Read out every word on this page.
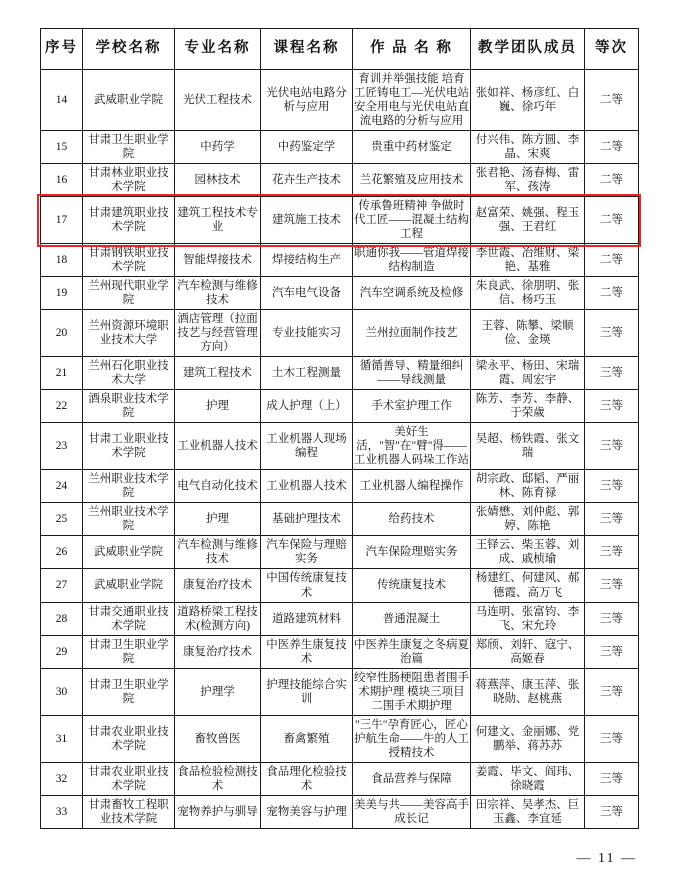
序号	学校名称	专业名称	课程名称	作 品 名 称	教学团队成员	等次
14	武威职业学院	光伏工程技术	光伏电站电路分析与应用	育训并举强技能 培育工匠铸电工—光伏电站安全用电与光伏电站直流电路的分析与应用	张如祥、杨彦红、白巍、徐巧年	二等
15	甘肃卫生职业学院	中药学	中药鉴定学	贵重中药材鉴定	付兴伟、陈方圆、李晶、宋爽	二等
16	甘肃林业职业技术学院	园林技术	花卉生产技术	兰花繁殖及应用技术	张君艳、汤春梅、雷军、孩涛	二等
17	甘肃建筑职业技术学院	建筑工程技术专业	建筑施工技术	传承鲁班精神 争做时代工匠——混凝土结构工程	赵富荣、姚强、程玉强、王君红	二等
18	甘肃钢铁职业技术学院	智能焊接技术	焊接结构生产	职通你我——管道焊接结构制造	李世霞、冶维财、梁艳、基雅	二等
19	兰州现代职业学院	汽车检测与维修技术	汽车电气设备	汽车空调系统及检修	朱良武、徐朋明、张信、杨巧玉	二等
20	兰州资源环境职业技术大学	酒店管理（拉面技艺与经营管理方向）	专业技能实习	兰州拉面制作技艺	王蓉、陈攀、梁顺俭、金瑛	三等
21	兰州石化职业技术大学	建筑工程技术	土木工程测量	循循善导、精量细纠——导线测量	梁永平、杨田、宋瑞霞、周宏宇	三等
22	酒泉职业技术学院	护理	成人护理（上）	手术室护理工作	陈芳、李芳、李静、于荣歲	三等
23	甘肃工业职业技术学院	工业机器人技术	工业机器人现场编程	美好生活，"智"在"臂"得——工业机器人码垛工作站	吴超、杨铁霞、张文瑞	三等
24	兰州职业技术学院	电气自动化技术	工业机器人技术	工业机器人编程操作	胡宗政、邸韬、严丽林、陈育禄	三等
25	兰州职业技术学院	护理	基础护理技术	给药技术	张婧懋、刘仲彪、郭婷、陈艳	三等
26	武威职业学院	汽车检测与维修技术	汽车保险与理赔实务	汽车保险理赔实务	王铎云、柴玉蓉、刘成、戚桢瑜	三等
27	武威职业学院	康复治疗技术	中国传统康复技术	传统康复技术	杨建红、何建风、郝德霞、高万飞	三等
28	甘肃交通职业技术学院	道路桥梁工程技术(检测方向)	道路建筑材料	普通混凝土	马连明、张富钧、李飞、宋允玲	三等
29	甘肃卫生职业学院	康复治疗技术	中医养生康复技术	中医养生康复之冬病夏治篇	郑颀、刘轩、寇宁、高姬春	三等
30	甘肃卫生职业学院	护理学	护理技能综合实训	绞窄性肠梗阻患者围手术期护理 模块三项目二围手术期护理	蒋燕萍、康玉萍、张晓勋、赵桃燕	三等
31	甘肃农业职业技术学院	畜牧兽医	畜禽繁殖	"三牛"孕育匠心，匠心护航生命——牛的人工授精技术	何建文、金丽娜、党鹏举、蒋苏苏	三等
32	甘肃农业职业技术学院	食品检验检测技术	食品理化检验技术	食品营养与保障	姜霞、毕文、阎玮、徐晓霞	三等
33	甘肃畜牧工程职业技术学院	宠物养护与驯导	宠物美容与护理	美美与共——美容高手成长记	田宗祥、吴孝杰、巨玉鑫、李宜延	三等
— 11 —
